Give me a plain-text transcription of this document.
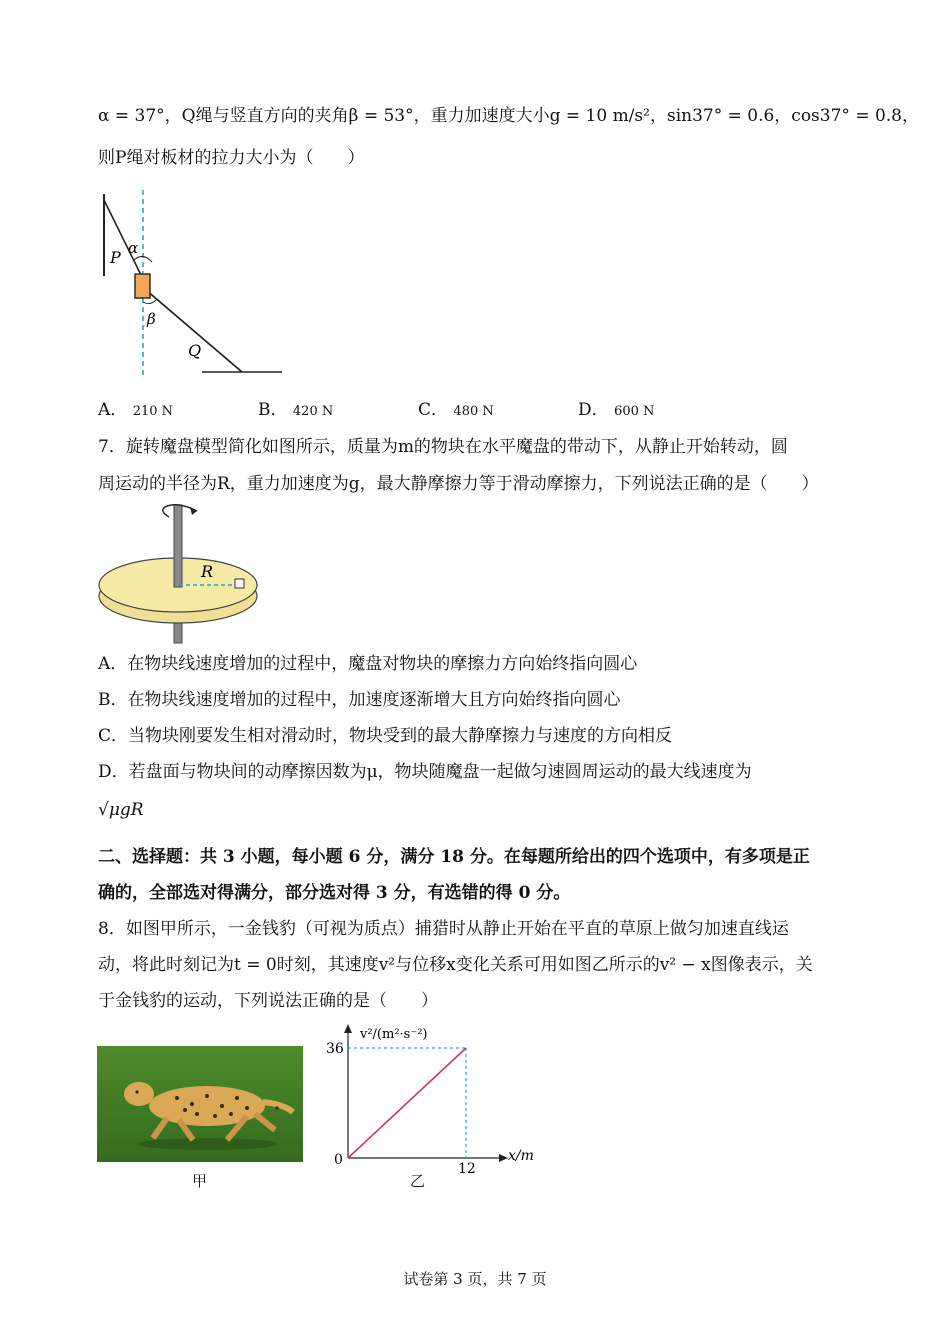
α = 37°，Q绳与竖直方向的夹角β = 53°，重力加速度大小g = 10 m/s²，sin37° = 0.6，cos37° = 0.8，
则P绳对板材的拉力大小为（　　）
α
P
β
Q
A． 210 N	B． 420 N	C． 480 N	D． 600 N
7．旋转魔盘模型简化如图所示，质量为m的物块在水平魔盘的带动下，从静止开始转动，圆
周运动的半径为R，重力加速度为g，最大静摩擦力等于滑动摩擦力，下列说法正确的是（　　）
R
A．在物块线速度增加的过程中，魔盘对物块的摩擦力方向始终指向圆心
B．在物块线速度增加的过程中，加速度逐渐增大且方向始终指向圆心
C．当物块刚要发生相对滑动时，物块受到的最大静摩擦力与速度的方向相反
D．若盘面与物块间的动摩擦因数为μ，物块随魔盘一起做匀速圆周运动的最大线速度为
√μgR
二、选择题：共 3 小题，每小题 6 分，满分 18 分。在每题所给出的四个选项中，有多项是正
确的，全部选对得满分，部分选对得 3 分，有选错的得 0 分。
8．如图甲所示，一金钱豹（可视为质点）捕猎时从静止开始在平直的草原上做匀加速直线运
动，将此时刻记为t = 0时刻，其速度v²与位移x变化关系可用如图乙所示的v² − x图像表示，关
于金钱豹的运动，下列说法正确的是（　　）
甲
v²/(m²·s⁻²)
x/m
36
12
0
乙
试卷第 3 页，共 7 页
